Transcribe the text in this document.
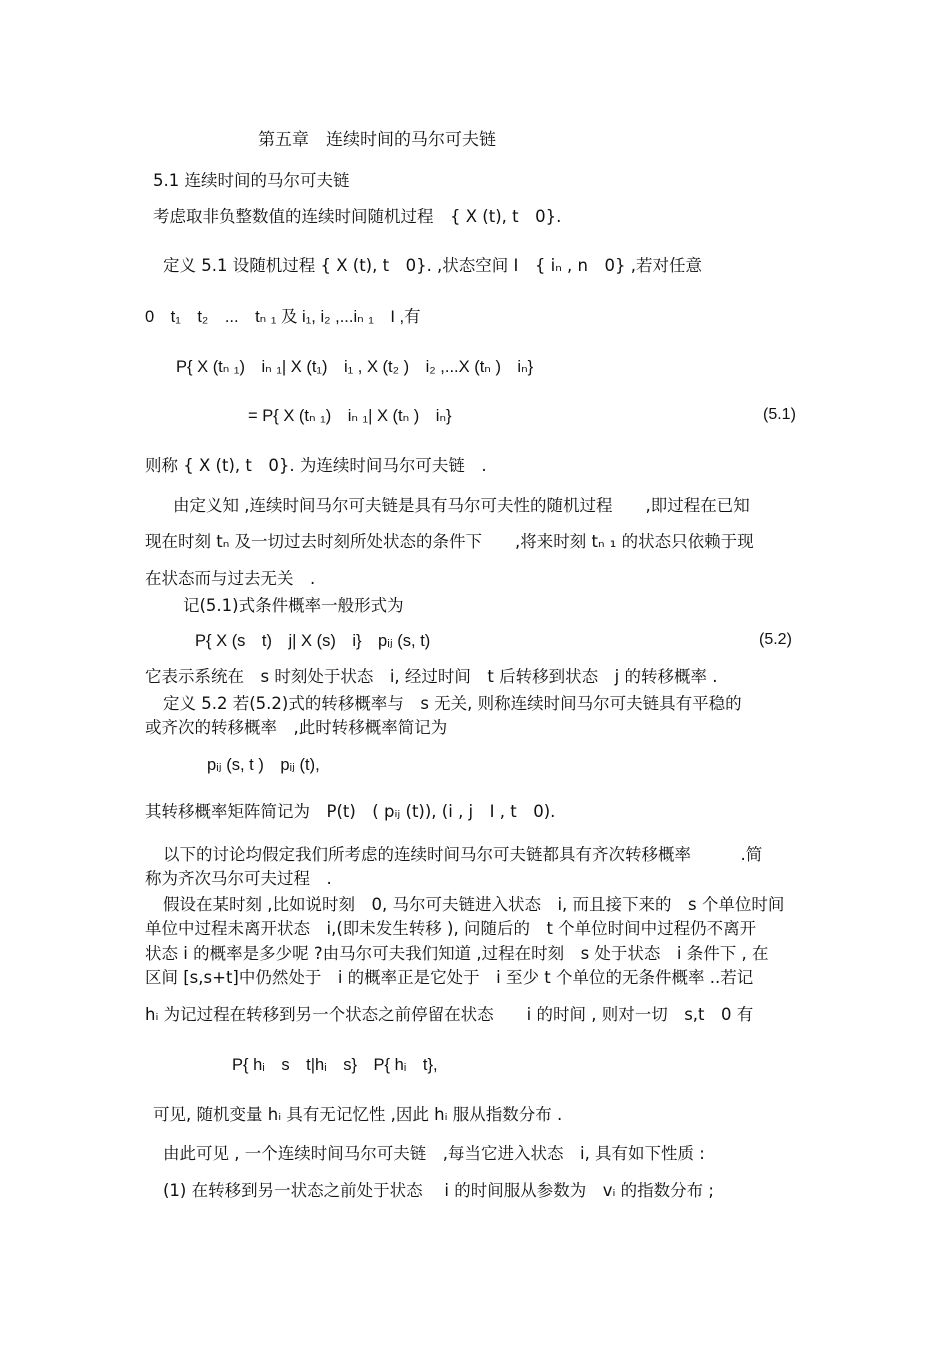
第五章　连续时间的马尔可夫链
5.1 连续时间的马尔可夫链
考虑取非负整数值的连续时间随机过程　{ X (t), t　0}.
定义 5.1 设随机过程 { X (t), t　0}. ,状态空间 I　{ iₙ , n　0} ,若对任意
0　t₁　t₂　...　tₙ ₁ 及 i₁, i₂ ,...iₙ ₁　I ,有
P{ X (tₙ ₁)　iₙ ₁| X (t₁)　i₁ , X (t₂ )　i₂ ,...X (tₙ )　iₙ}
= P{ X (tₙ ₁)　iₙ ₁| X (tₙ )　iₙ}	(5.1)
则称 { X (t), t　0}. 为连续时间马尔可夫链　.
由定义知 ,连续时间马尔可夫链是具有马尔可夫性的随机过程　　,即过程在已知
现在时刻 tₙ 及一切过去时刻所处状态的条件下　　,将来时刻 tₙ ₁ 的状态只依赖于现
在状态而与过去无关　.
记(5.1)式条件概率一般形式为
P{ X (s　t)　j| X (s)　i}　pᵢⱼ (s, t)	(5.2)
它表示系统在　s 时刻处于状态　i, 经过时间　t 后转移到状态　j 的转移概率 .
定义 5.2 若(5.2)式的转移概率与　s 无关, 则称连续时间马尔可夫链具有平稳的
或齐次的转移概率　,此时转移概率简记为
pᵢⱼ (s, t )　pᵢⱼ (t),
其转移概率矩阵简记为　P(t)　( pᵢⱼ (t)), (i , j　I , t　0).
以下的讨论均假定我们所考虑的连续时间马尔可夫链都具有齐次转移概率　　　.简
称为齐次马尔可夫过程　.
假设在某时刻 ,比如说时刻　0, 马尔可夫链进入状态　i, 而且接下来的　s 个单位时间
单位中过程未离开状态　i,(即未发生转移 ), 问随后的　t 个单位时间中过程仍不离开
状态 i 的概率是多少呢 ?由马尔可夫我们知道 ,过程在时刻　s 处于状态　i 条件下 , 在
区间 [s,s+t]中仍然处于　i 的概率正是它处于　i 至少 t 个单位的无条件概率 ..若记
hᵢ 为记过程在转移到另一个状态之前停留在状态　　i 的时间 , 则对一切　s,t　0 有
P{ hᵢ　s　t|hᵢ　s}　P{ hᵢ　t},
可见, 随机变量 hᵢ 具有无记忆性 ,因此 hᵢ 服从指数分布 .
由此可见 , 一个连续时间马尔可夫链　,每当它进入状态　i, 具有如下性质 :
(1) 在转移到另一状态之前处于状态　 i 的时间服从参数为　vᵢ 的指数分布 ;
